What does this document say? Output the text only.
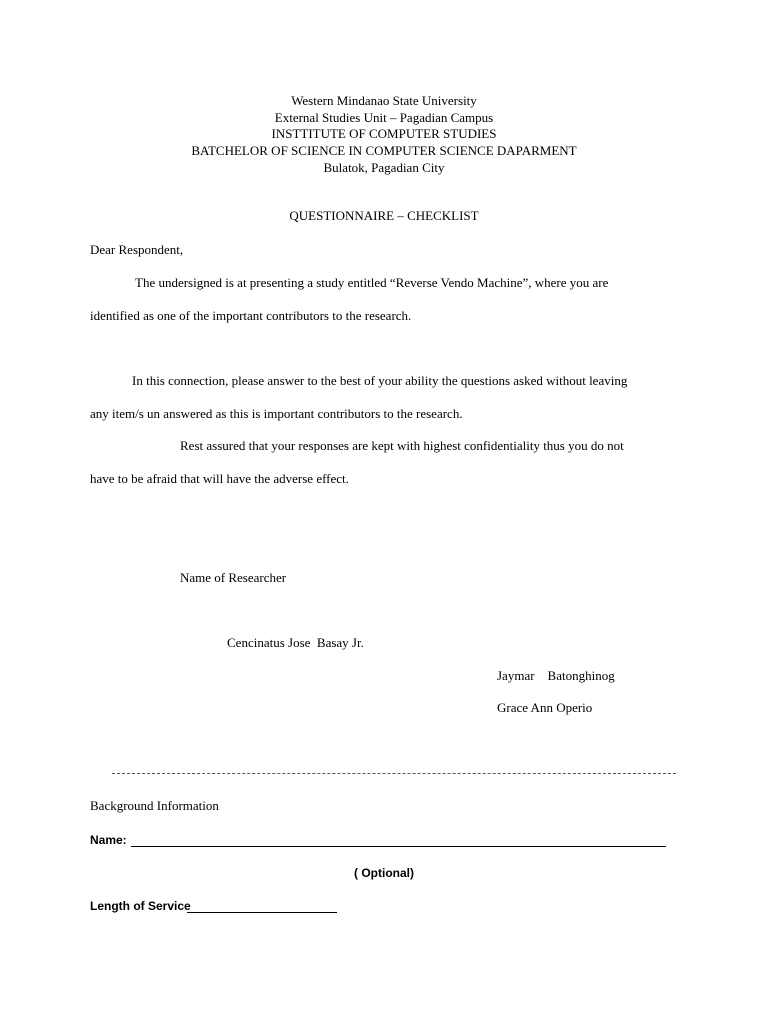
Western Mindanao State University
External Studies Unit – Pagadian Campus
INSTTITUTE OF COMPUTER STUDIES
BATCHELOR OF SCIENCE IN COMPUTER SCIENCE DAPARMENT
Bulatok, Pagadian City
QUESTIONNAIRE – CHECKLIST
Dear Respondent,
The undersigned is at presenting a study entitled “Reverse Vendo Machine”, where you are
identified as one of the important contributors to the research.
In this connection, please answer to the best of your ability the questions asked without leaving
any item/s un answered as this is important contributors to the research.
Rest assured that your responses are kept with highest confidentiality thus you do not
have to be afraid that will have the adverse effect.
Name of Researcher
Cencinatus Jose  Basay Jr.
Jaymar    Batonghinog
Grace Ann Operio
Background Information
Name:
( Optional)
Length of Service
